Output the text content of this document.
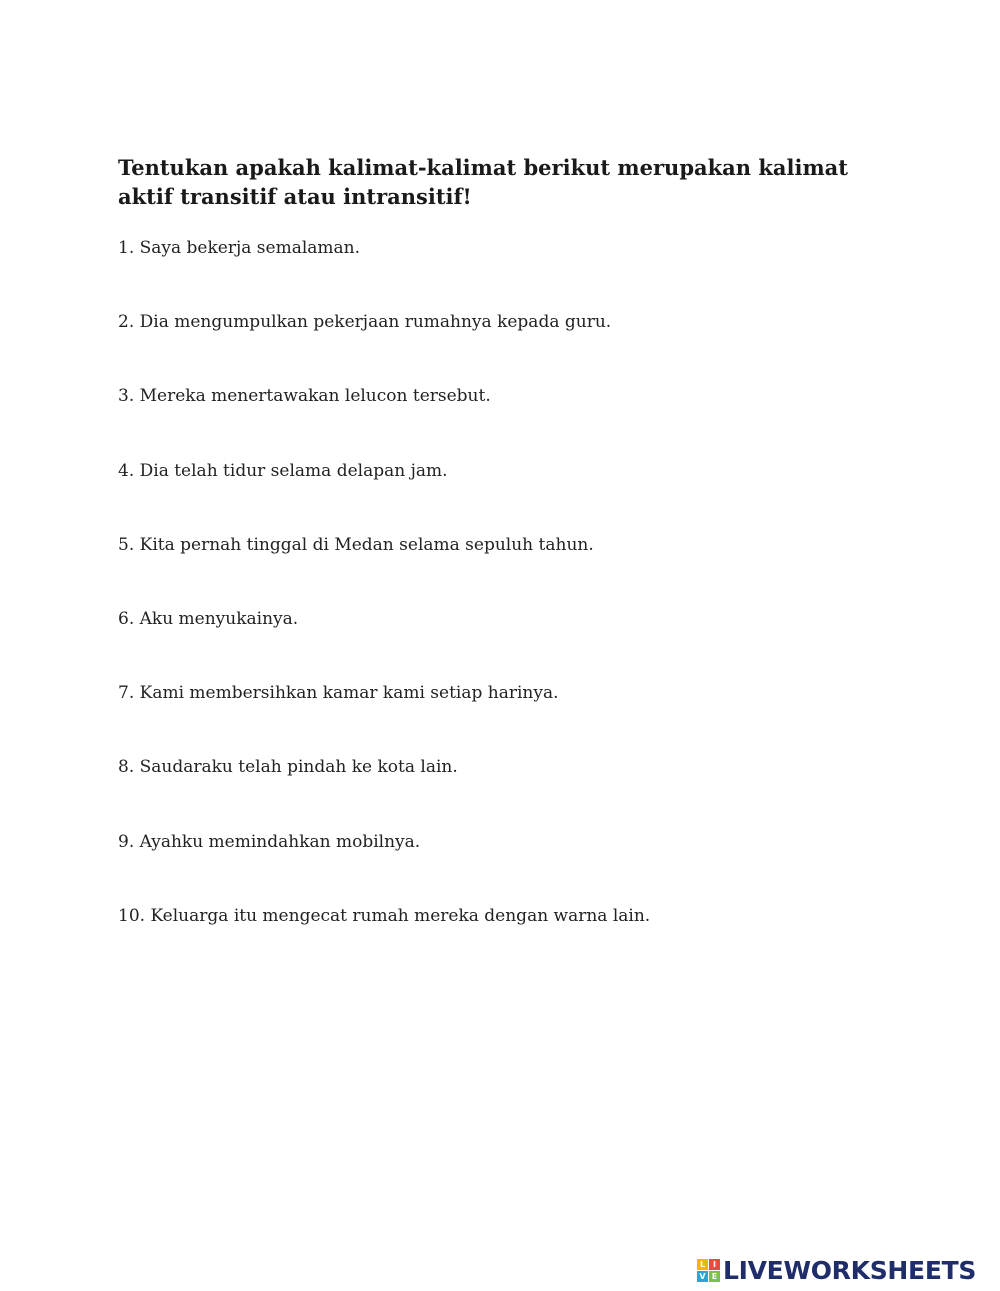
Tentukan apakah kalimat-kalimat berikut merupakan kalimat aktif transitif atau intransitif!
1. Saya bekerja semalaman.
2. Dia mengumpulkan pekerjaan rumahnya kepada guru.
3. Mereka menertawakan lelucon tersebut.
4. Dia telah tidur selama delapan jam.
5. Kita pernah tinggal di Medan selama sepuluh tahun.
6. Aku menyukainya.
7. Kami membersihkan kamar kami setiap harinya.
8. Saudaraku telah pindah ke kota lain.
9. Ayahku memindahkan mobilnya.
10. Keluarga itu mengecat rumah mereka dengan warna lain.
L I
V E LIVEWORKSHEETS
